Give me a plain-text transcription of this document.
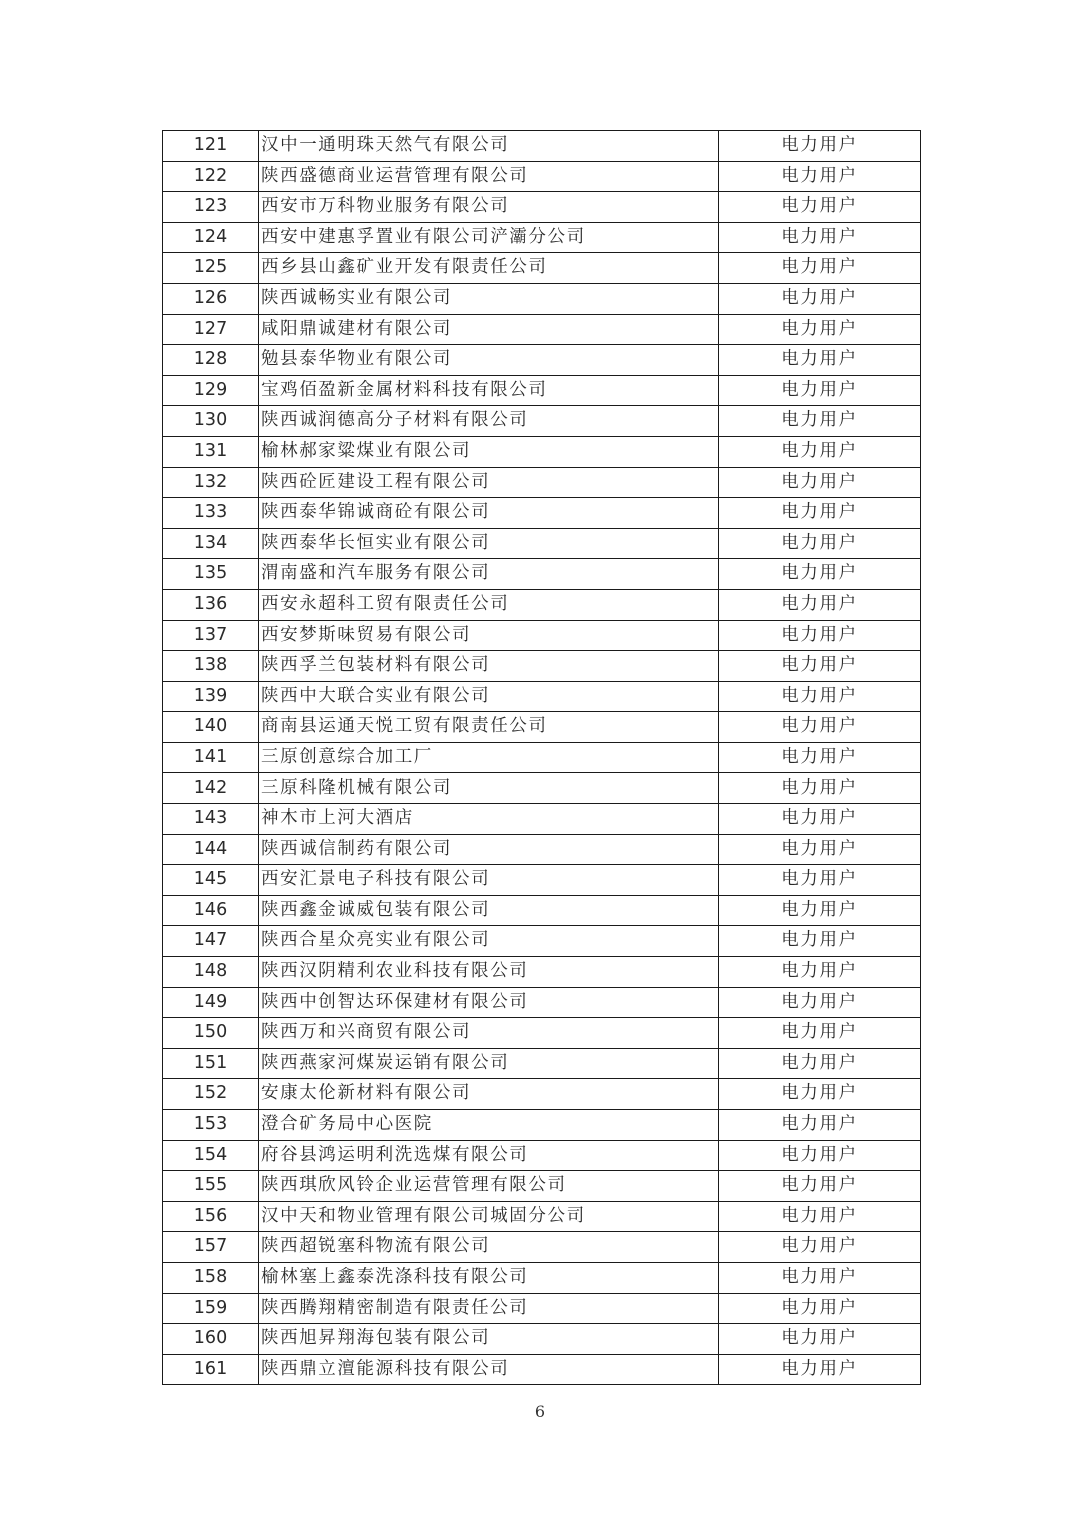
121	汉中一通明珠天然气有限公司	电力用户
122	陕西盛德商业运营管理有限公司	电力用户
123	西安市万科物业服务有限公司	电力用户
124	西安中建惠孚置业有限公司浐灞分公司	电力用户
125	西乡县山鑫矿业开发有限责任公司	电力用户
126	陕西诚畅实业有限公司	电力用户
127	咸阳鼎诚建材有限公司	电力用户
128	勉县泰华物业有限公司	电力用户
129	宝鸡佰盈新金属材料科技有限公司	电力用户
130	陕西诚润德高分子材料有限公司	电力用户
131	榆林郝家粱煤业有限公司	电力用户
132	陕西砼匠建设工程有限公司	电力用户
133	陕西泰华锦诚商砼有限公司	电力用户
134	陕西泰华长恒实业有限公司	电力用户
135	渭南盛和汽车服务有限公司	电力用户
136	西安永超科工贸有限责任公司	电力用户
137	西安梦斯味贸易有限公司	电力用户
138	陕西孚兰包装材料有限公司	电力用户
139	陕西中大联合实业有限公司	电力用户
140	商南县运通天悦工贸有限责任公司	电力用户
141	三原创意综合加工厂	电力用户
142	三原科隆机械有限公司	电力用户
143	神木市上河大酒店	电力用户
144	陕西诚信制药有限公司	电力用户
145	西安汇景电子科技有限公司	电力用户
146	陕西鑫金诚威包装有限公司	电力用户
147	陕西合星众亮实业有限公司	电力用户
148	陕西汉阴精利农业科技有限公司	电力用户
149	陕西中创智达环保建材有限公司	电力用户
150	陕西万和兴商贸有限公司	电力用户
151	陕西燕家河煤炭运销有限公司	电力用户
152	安康太伦新材料有限公司	电力用户
153	澄合矿务局中心医院	电力用户
154	府谷县鸿运明利洗选煤有限公司	电力用户
155	陕西琪欣风铃企业运营管理有限公司	电力用户
156	汉中天和物业管理有限公司城固分公司	电力用户
157	陕西超锐塞科物流有限公司	电力用户
158	榆林塞上鑫泰洗涤科技有限公司	电力用户
159	陕西腾翔精密制造有限责任公司	电力用户
160	陕西旭昇翔海包装有限公司	电力用户
161	陕西鼎立澶能源科技有限公司	电力用户
6
